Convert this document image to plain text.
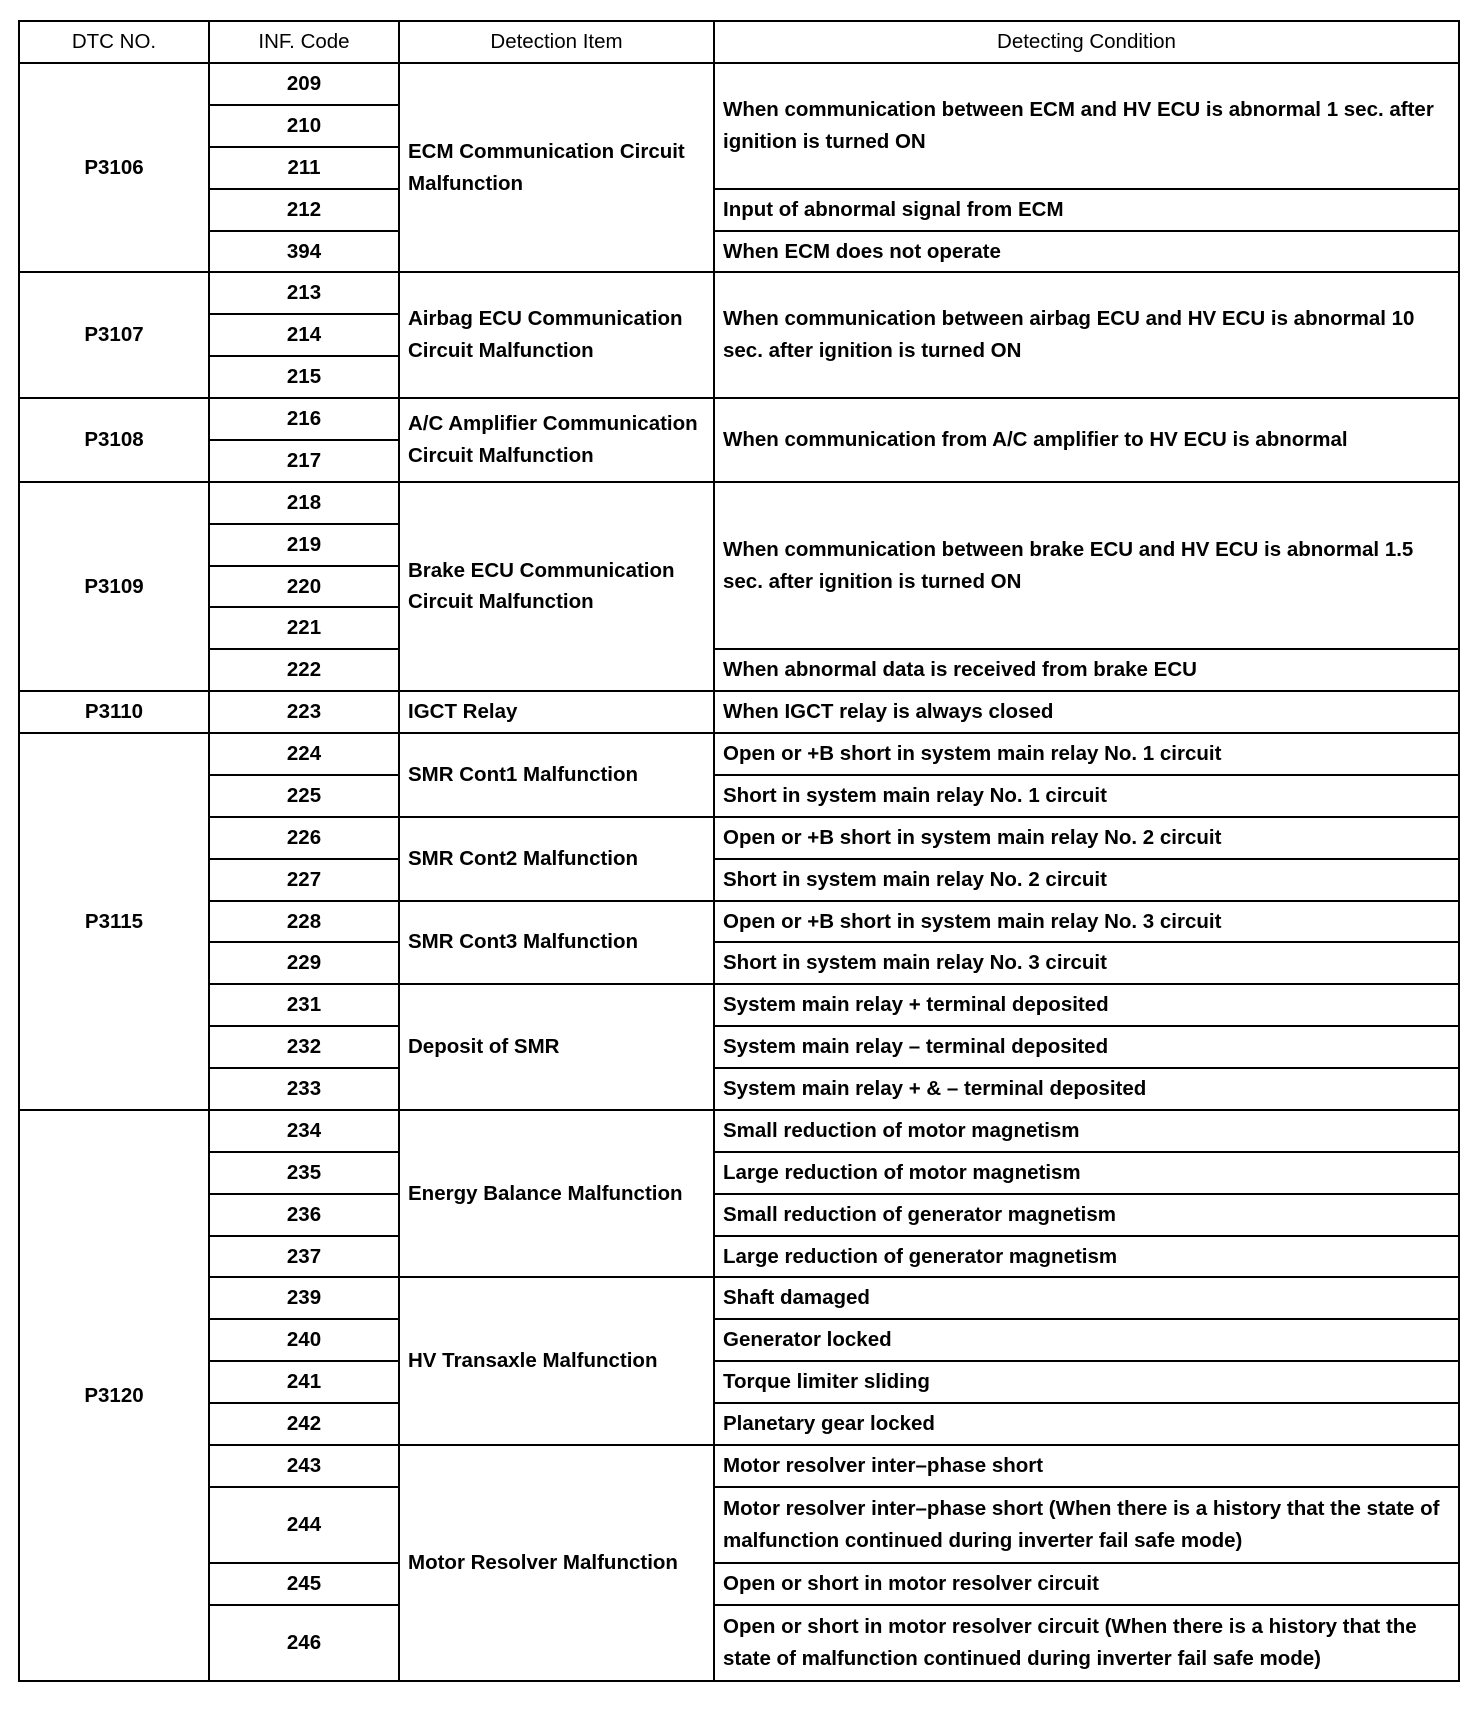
DTC NO.	INF. Code	Detection Item	Detecting Condition
P3106	209	ECM Communication Circuit Malfunction	When communication between ECM and HV ECU is abnormal 1 sec. after ignition is turned ON
	210		
	211		
	212		Input of abnormal signal from ECM
	394		When ECM does not operate
P3107	213	Airbag ECU Communication Circuit Malfunction	When communication between airbag ECU and HV ECU is abnormal 10 sec. after ignition is turned ON
	214		
	215		
P3108	216	A/C Amplifier Communication Circuit Malfunction	When communication from A/C amplifier to HV ECU is abnormal
	217		
P3109	218	Brake ECU Communication Circuit Malfunction	When communication between brake ECU and HV ECU is abnormal 1.5 sec. after ignition is turned ON
	219		
	220		
	221		
	222		When abnormal data is received from brake ECU
P3110	223	IGCT Relay	When IGCT relay is always closed
P3115	224	SMR Cont1 Malfunction	Open or +B short in system main relay No. 1 circuit
	225		Short in system main relay No. 1 circuit
	226	SMR Cont2 Malfunction	Open or +B short in system main relay No. 2 circuit
	227		Short in system main relay No. 2 circuit
	228	SMR Cont3 Malfunction	Open or +B short in system main relay No. 3 circuit
	229		Short in system main relay No. 3 circuit
	231	Deposit of SMR	System main relay + terminal deposited
	232		System main relay – terminal deposited
	233		System main relay + & – terminal deposited
P3120	234	Energy Balance Malfunction	Small reduction of motor magnetism
	235		Large reduction of motor magnetism
	236		Small reduction of generator magnetism
	237		Large reduction of generator magnetism
	239	HV Transaxle Malfunction	Shaft damaged
	240		Generator locked
	241		Torque limiter sliding
	242		Planetary gear locked
	243	Motor Resolver Malfunction	Motor resolver inter–phase short
	244		Motor resolver inter–phase short (When there is a history that the state of malfunction continued during inverter fail safe mode)
	245		Open or short in motor resolver circuit
	246		Open or short in motor resolver circuit (When there is a history that the state of malfunction continued during inverter fail safe mode)
